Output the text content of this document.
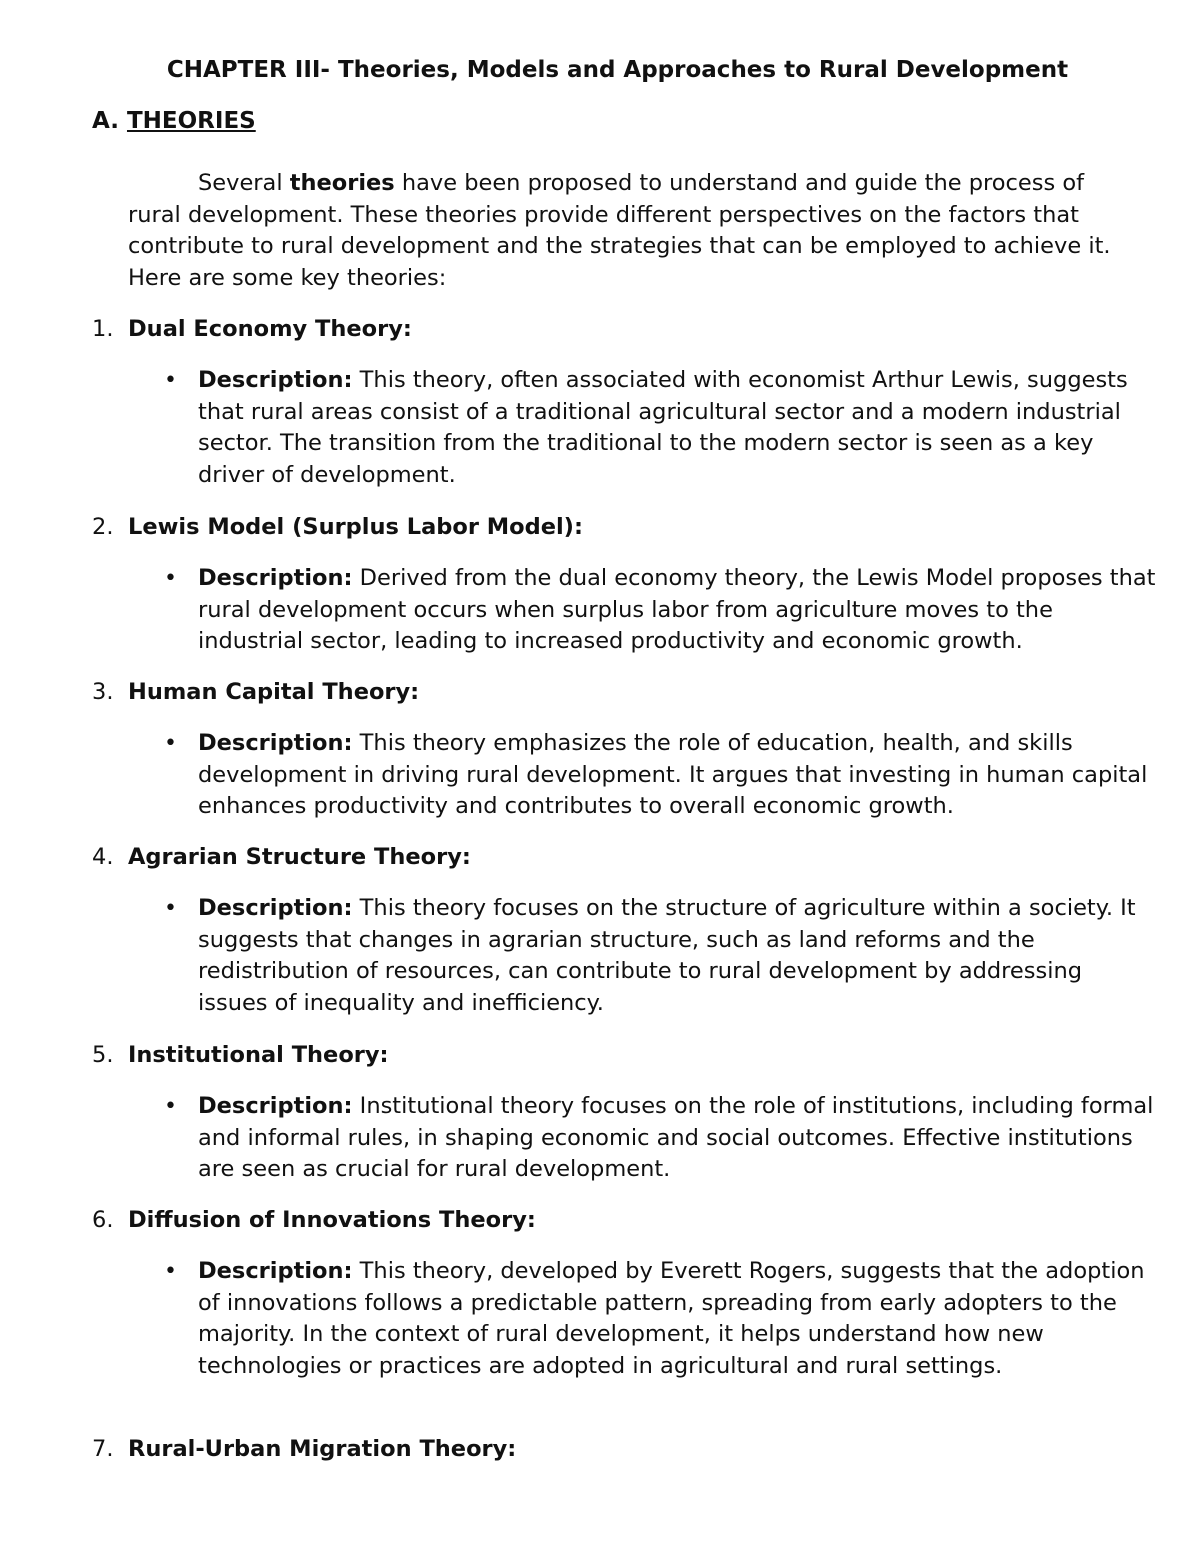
CHAPTER III- Theories, Models and Approaches to Rural Development
A. THEORIES

Several theories have been proposed to understand and guide the process of rural development. These theories provide different perspectives on the factors that contribute to rural development and the strategies that can be employed to achieve it. Here are some key theories:

1. Dual Economy Theory:

• Description: This theory, often associated with economist Arthur Lewis, suggests that rural areas consist of a traditional agricultural sector and a modern industrial sector. The transition from the traditional to the modern sector is seen as a key driver of development.

2. Lewis Model (Surplus Labor Model):

• Description: Derived from the dual economy theory, the Lewis Model proposes that rural development occurs when surplus labor from agriculture moves to the industrial sector, leading to increased productivity and economic growth.

3. Human Capital Theory:

• Description: This theory emphasizes the role of education, health, and skills development in driving rural development. It argues that investing in human capital enhances productivity and contributes to overall economic growth.

4. Agrarian Structure Theory:

• Description: This theory focuses on the structure of agriculture within a society. It suggests that changes in agrarian structure, such as land reforms and the redistribution of resources, can contribute to rural development by addressing issues of inequality and inefficiency.

5. Institutional Theory:

• Description: Institutional theory focuses on the role of institutions, including formal and informal rules, in shaping economic and social outcomes. Effective institutions are seen as crucial for rural development.

6. Diffusion of Innovations Theory:

• Description: This theory, developed by Everett Rogers, suggests that the adoption of innovations follows a predictable pattern, spreading from early adopters to the majority. In the context of rural development, it helps understand how new technologies or practices are adopted in agricultural and rural settings.

7. Rural-Urban Migration Theory:
